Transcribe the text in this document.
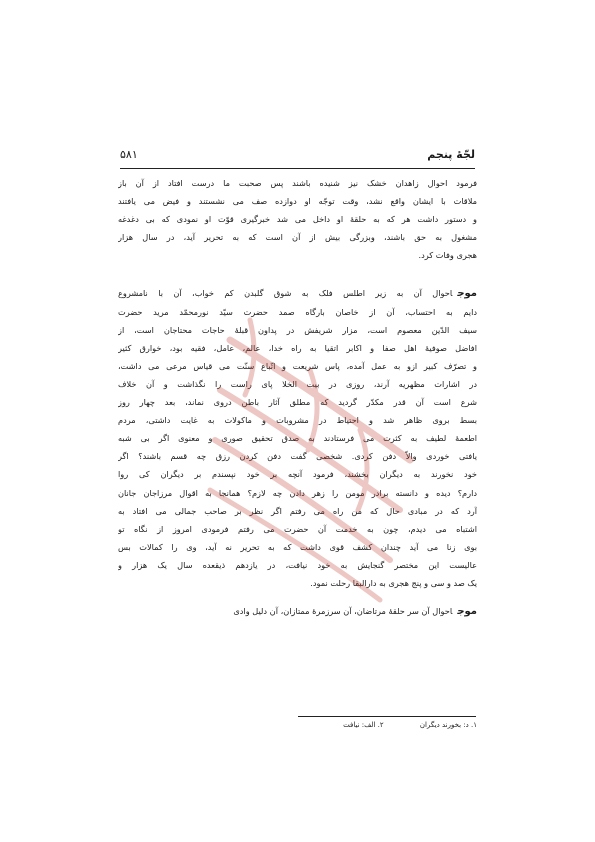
لجّهٔ پنجم
۵۸۱
فرمود احوال زاهدان خشک نیز شنیده باشند پس صحبت ما درست افتاد از آن باز
ملاقات با ایشان واقع نشد، وقت توجّه او دوازده صف می نشستند و فیض می یافتند
و دستور داشت هر که به حلقهٔ او داخل می شد خبرگیری قوّت او نمودی که بی دغدغه
مشغول به حق باشند، وبزرگی بیش از آن است که به تحریر آید، در سال هزار
هجری وفات کرد.
موجاحوال آن به زیر اطلس فلک به شوق گلبدن کم خواب، آن با نامشروع
دایم به احتساب، آن از خاصان بارگاه صمد حضرت سیّد نورمحمّد مرید حضرت
سیف الدّین معصوم است، مزار شریفش در پداون قبلهٔ حاجات محتاجان است، از
افاضل صوفیهٔ اهل صفا و اکابر اتقیا به راه خدا، عالم، عامل، فقیه بود، خوارق کثیر
و تصرّف کبیر ازو به عمل آمده، پاس شریعت و اتّباع سنّت می قیاس مرعی می داشت،
در اشارات مظهریه آرند، روزی در بیت الخلا پای راست را نگذاشت و آن خلاف
شرع است آن قدر مکدّر گردید که مطلق آثار باطن دروی نماند، بعد چهار روز
بسط بروی ظاهر شد و احتیاط در مشروبات و ماکولات به غایت داشتی، مردم
اطعمهٔ لطیف به کثرت می فرستادند به صدق تحقیق صوری و معنوی اگر بی شبه
یافتی خوردی والاّ دفن کردی. شخصی گفت دفن کردن رزق چه قسم باشند؟ اگر
خود نخورند به دیگران بخشند، فرمود آنچه بر خود نپسندم بر دیگران کی روا
دارم؟ دیده و دانسته برادر مومن را زهر دادن چه لازم؟ همانجا به اقوال مرزاجان جانان
آرد که در مبادی حال که من راه می رفتم اگر نظر بر صاحب جمالی می افتاد به
اشتباه می دیدم، چون به خدمت آن حضرت می رفتم فرمودی امروز از نگاه تو
بوی زنا می آید چندان کشف قوی داشت که به تحریر نه آید، وی را کمالات بس
عالیست این مختصر گنجایش به خود نیافت، در یازدهم ذیقعده سال یک هزار و
یک صد و سی و پنج هجری به دارالبقا رحلت نمود.
موجاحوال آن سر حلقهٔ مرتاضان، آن سرزمرهٔ ممتازان، آن دلیل وادی
۱. د: بخورند دیگران ۲. الف: نیافت
